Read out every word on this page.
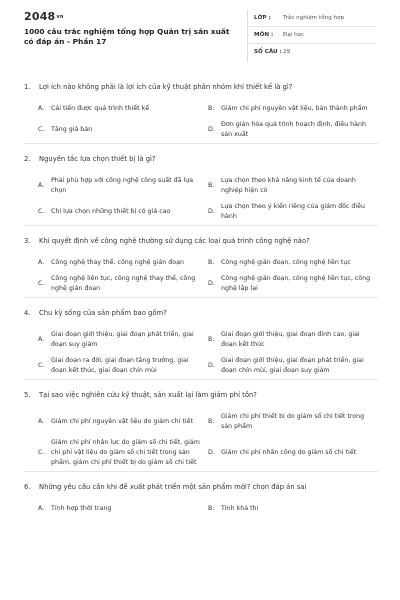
$2048^{vn}$
1000 câu trắc nghiệm tổng hợp Quản trị sản xuất có đáp án - Phần 17
LỚP :	Trắc nghiệm tổng hợp
MÔN :	Đại học
SỐ CÂU : 29
1.	Lợi ích nào không phải là lợi ích của kỹ thuật phân nhóm khi thiết kế là gì?
A.	Cải tiến được quá trình thiết kế	B.	Giảm chi phí nguyên vật liệu, bán thành phẩm
C.	Tăng giá bán	D.
Đơn giản hóa quá trình hoạch định, điều hành sản xuất
2.	Nguyên tắc lựa chọn thiết bị là gì?
A.
Phải phù hợp với công nghệ công suất đã lựa chọn
B.
Lựa chọn theo khả năng kinh tế của doanh nghiệp hiện có
C.	Chỉ lựa chọn những thiết bị có giá cao	D.
Lựa chọn theo ý kiến riêng của giám đốc điều hành
3.	Khi quyết định về công nghệ thường sử dụng các loại quá trình công nghệ nào?
A.	Công nghệ thay thế, công nghệ gián đoạn	B.	Công nghệ gián đoạn, công nghệ liên tục
C.
Công nghệ liên tục, công nghệ thay thế, công nghệ gián đoạn
D.
Công nghệ gián đoạn, công nghệ liên tục, công nghệ lặp lại
4.	Chu kỳ sống của sản phẩm bao gồm?
A.
Giai đoạn giới thiệu, giai đoạn phát triển, giai đoạn suy giảm
B.
Giai đoạn giới thiệu, giai đoạn đỉnh cao, giai đoạn kết thúc
C.
Giai đoạn ra đời, giai đoạn tăng trưởng, giai đoạn kết thúc, giai đoạn chín mùi
D.
Giai đoạn giới thiệu, giai đoạn phát triển, giai đoạn chín mùi, giai đoạn suy giảm
5.	Tại sao việc nghiên cứu kỹ thuật, sản xuất lại làm giảm phí tồn?
A.	Giảm chi phí nguyên vật liệu do giảm chi tiết	B.
Giảm chi phí thiết bị do giảm số chi tiết trong sản phẩm
C.
Giảm chi phí nhân lực do giảm số chi tiết, giảm chi phí vật liệu do giảm số chi tiết trong sản phẩm, giảm chi phí thiết bị do giảm số chi tiết
D. Giảm chi phí nhân công do giảm số chi tiết
6.	Những yêu cầu cần khi đề xuất phát triển một sản phẩm mới? chọn đáp án sai
A.	Tính hợp thời trang	B.	Tính khả thi
